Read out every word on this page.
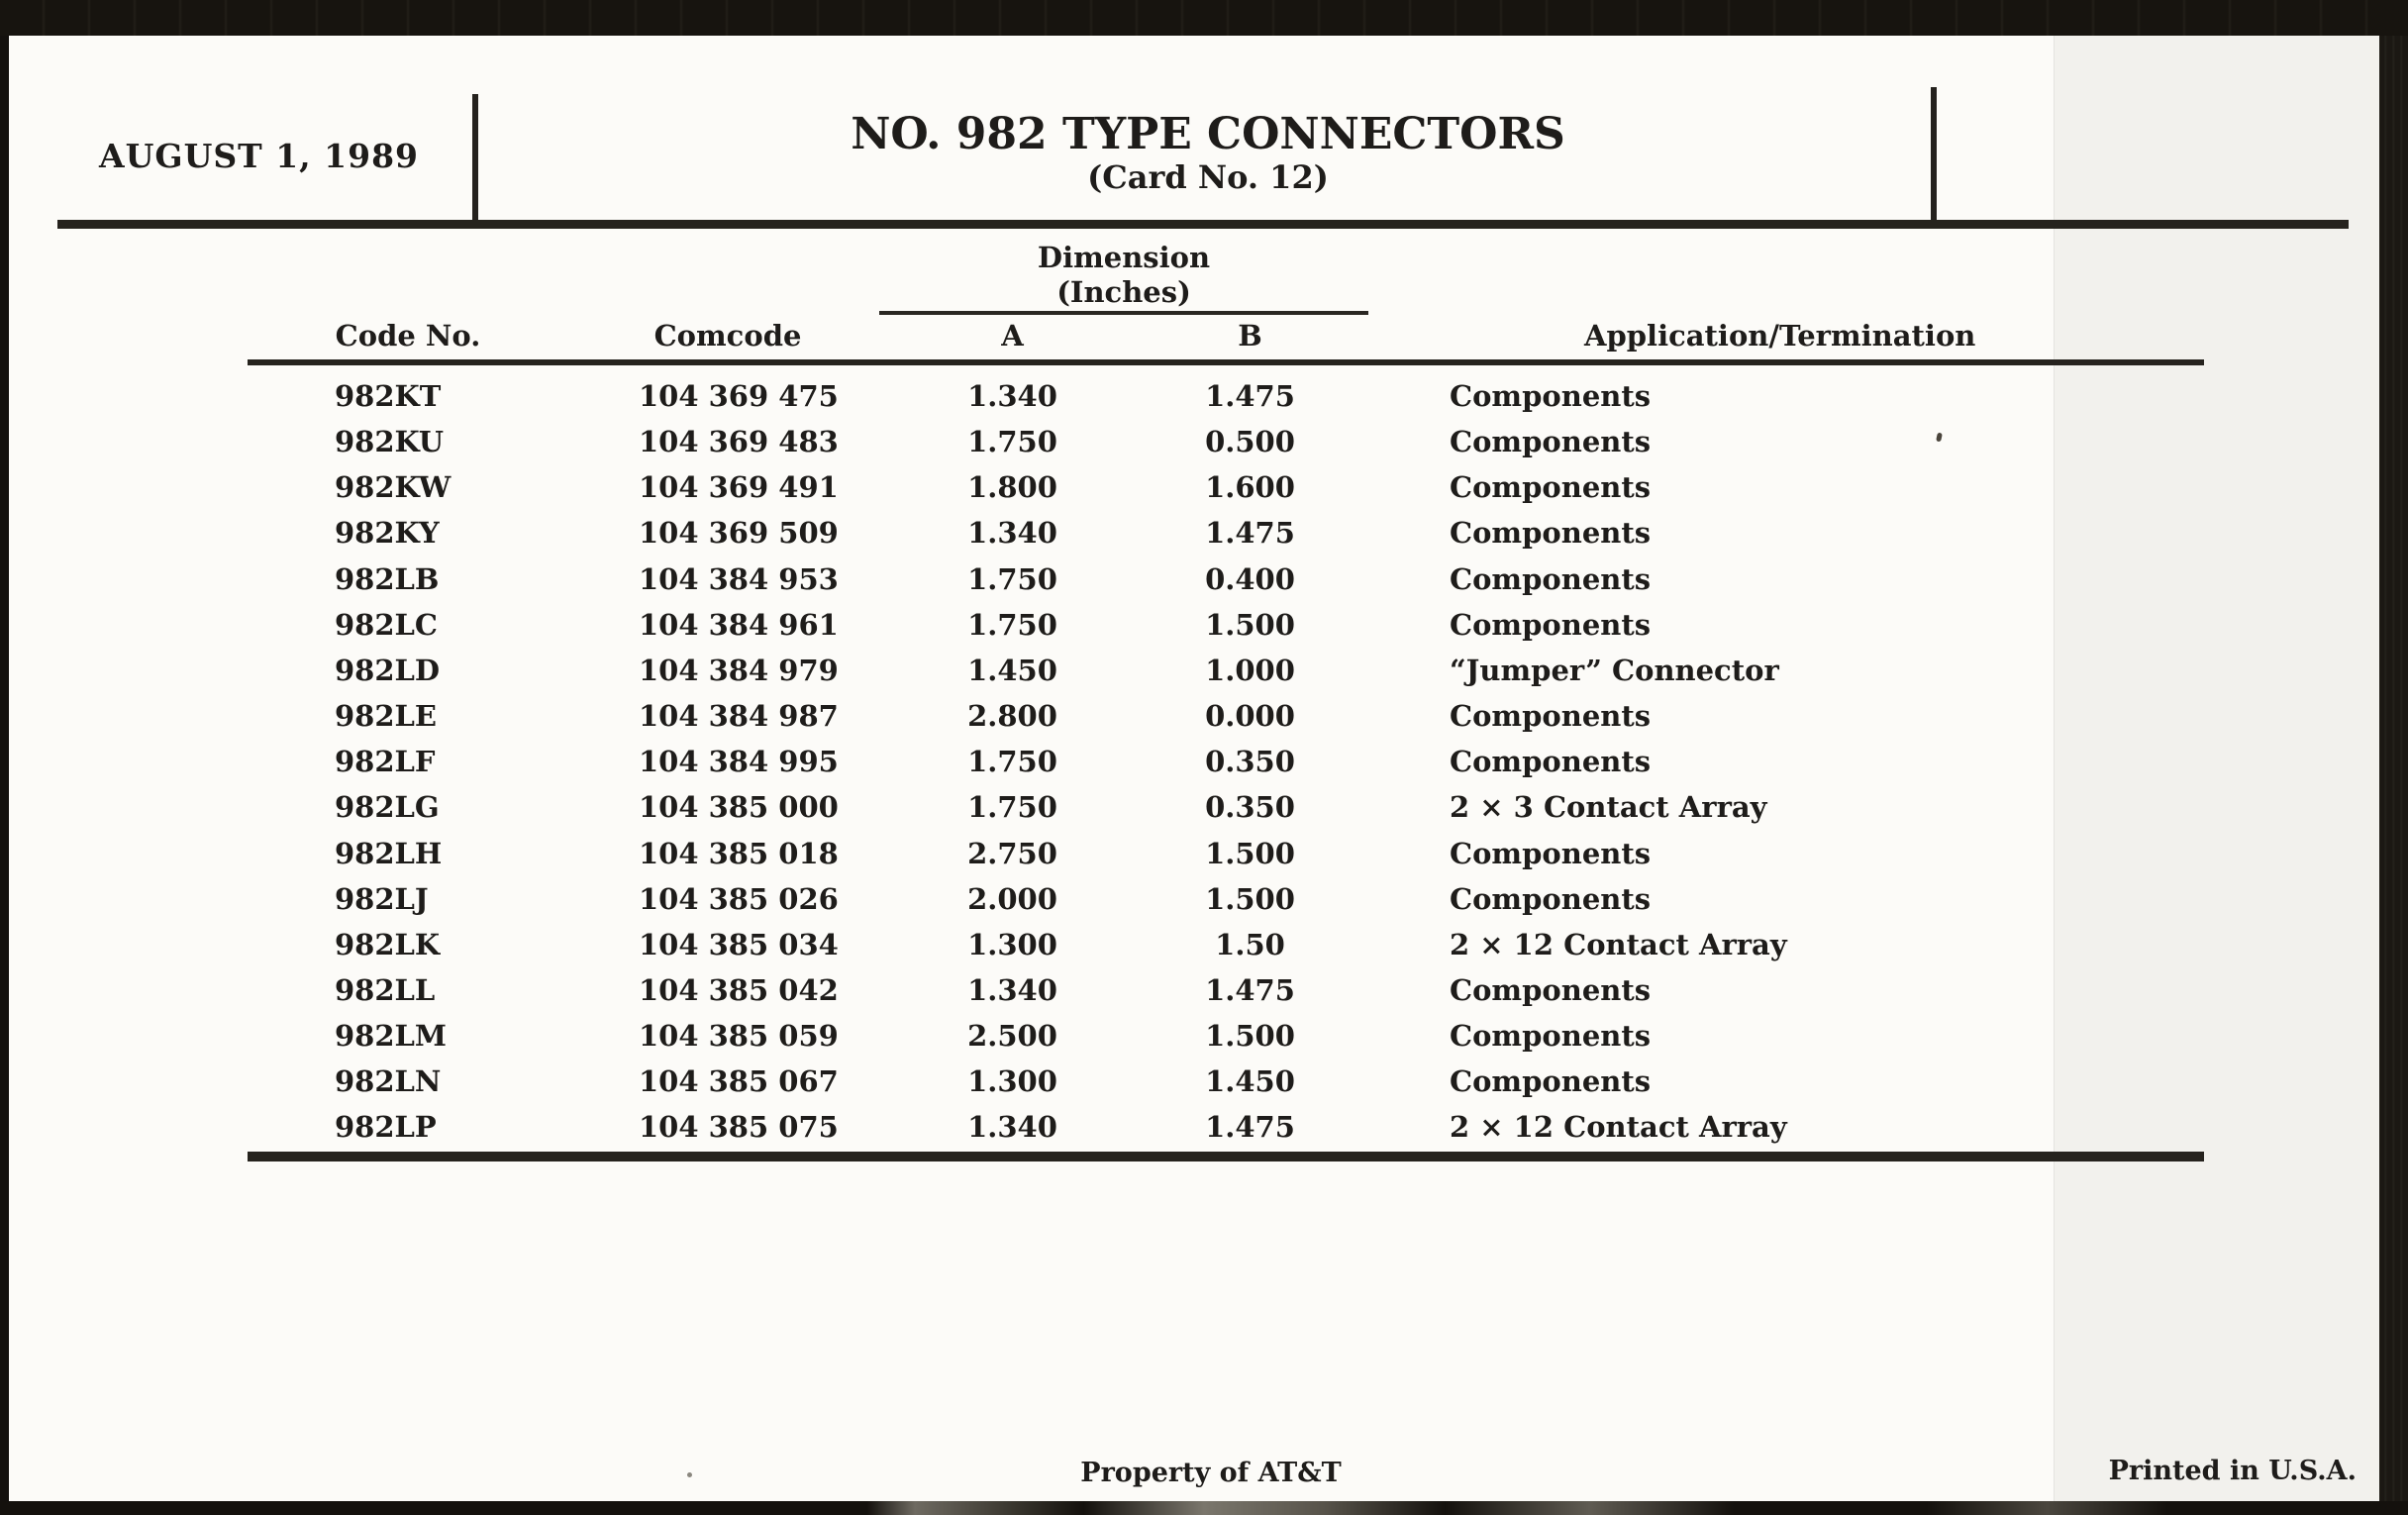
AUGUST 1, 1989	NO. 982 TYPE CONNECTORS
(Card No. 12)
Dimension
(Inches)
Code No.	Comcode	A	B	Application/Termination
982KT	104 369 475	1.340	1.475	Components
982KU	104 369 483	1.750	0.500	Components
982KW	104 369 491	1.800	1.600	Components
982KY	104 369 509	1.340	1.475	Components
982LB	104 384 953	1.750	0.400	Components
982LC	104 384 961	1.750	1.500	Components
982LD	104 384 979	1.450	1.000	“Jumper” Connector
982LE	104 384 987	2.800	0.000	Components
982LF	104 384 995	1.750	0.350	Components
982LG	104 385 000	1.750	0.350	2 × 3 Contact Array
982LH	104 385 018	2.750	1.500	Components
982LJ	104 385 026	2.000	1.500	Components
982LK	104 385 034	1.300	1.50	2 × 12 Contact Array
982LL	104 385 042	1.340	1.475	Components
982LM	104 385 059	2.500	1.500	Components
982LN	104 385 067	1.300	1.450	Components
982LP	104 385 075	1.340	1.475	2 × 12 Contact Array
Property of AT&T	Printed in U.S.A.
